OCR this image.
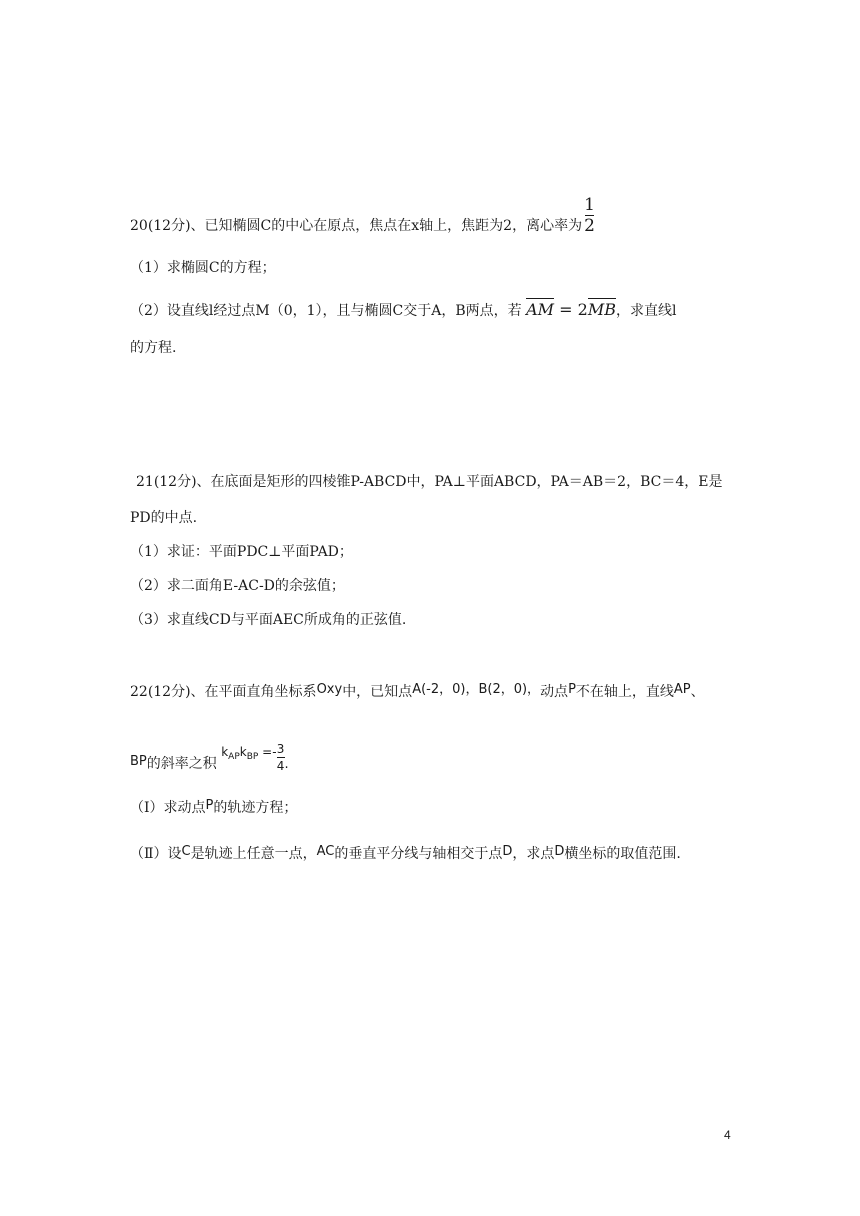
20(12分)、已知椭圆C的中心在原点，焦点在x轴上，焦距为2，离心率为 $\frac{1}{2}$
（1）求椭圆C的方程；
（2）设直线l经过点M（0，1），且与椭圆C交于A，B两点，若 AM = 2MB，求直线l
的方程.
21(12分)、在底面是矩形的四棱锥P-ABCD中，PA⊥平面ABCD，PA＝AB＝2，BC＝4，E是
PD的中点.
（1）求证：平面PDC⊥平面PAD；
（2）求二面角E-AC-D的余弦值；
（3）求直线CD与平面AEC所成角的正弦值.
22(12分)、在平面直角坐标系Oxy中，已知点A(‐2，0)，B(2，0)，动点P不在轴上，直线AP、
BP的斜率之积 $k_{AP}k_{BP} =- \frac{3}{4}$ .
（Ⅰ）求动点P的轨迹方程；
（Ⅱ）设C是轨迹上任意一点，AC的垂直平分线与轴相交于点D，求点D横坐标的取值范围.
4
